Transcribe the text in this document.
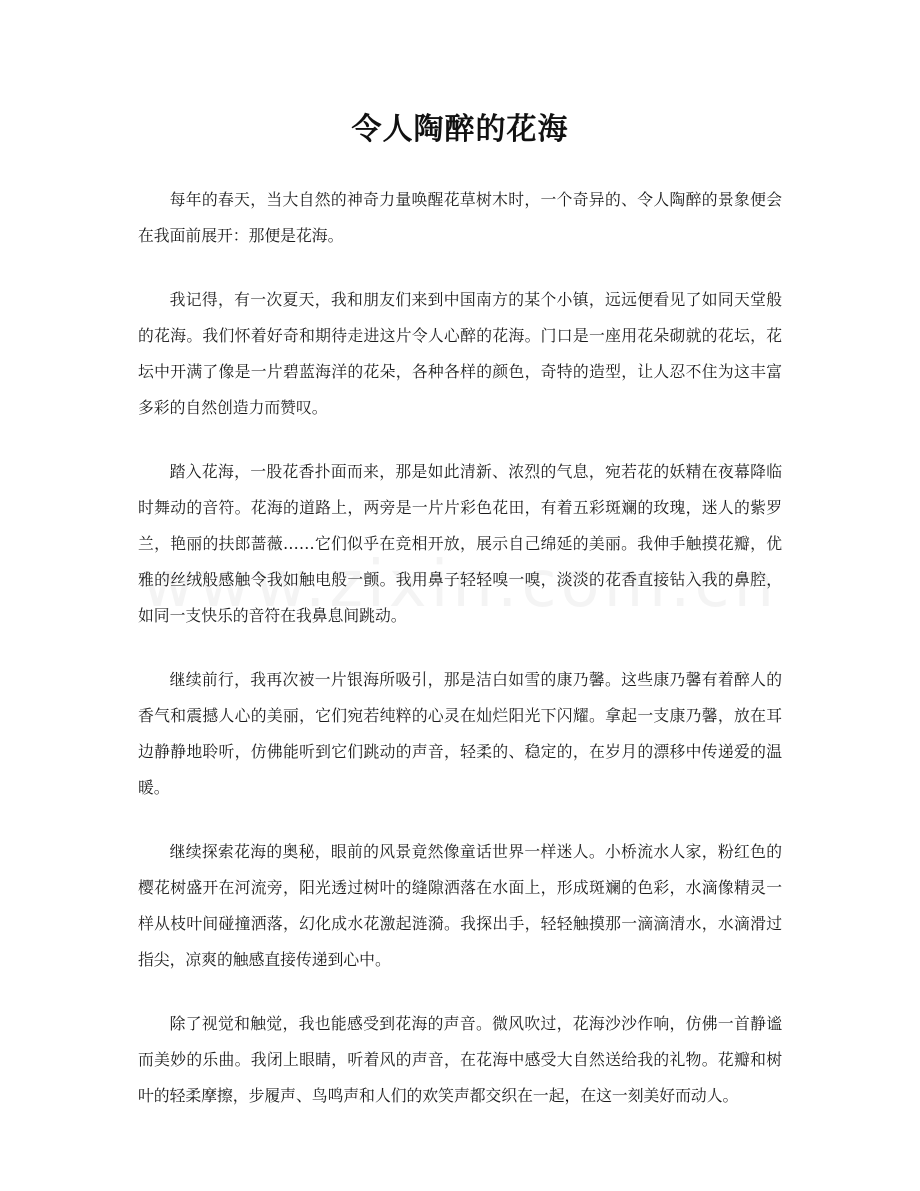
令人陶醉的花海

每年的春天，当大自然的神奇力量唤醒花草树木时，一个奇异的、令人陶醉的景象便会在我面前展开：那便是花海。

我记得，有一次夏天，我和朋友们来到中国南方的某个小镇，远远便看见了如同天堂般的花海。我们怀着好奇和期待走进这片令人心醉的花海。门口是一座用花朵砌就的花坛，花坛中开满了像是一片碧蓝海洋的花朵，各种各样的颜色，奇特的造型，让人忍不住为这丰富多彩的自然创造力而赞叹。

踏入花海，一股花香扑面而来，那是如此清新、浓烈的气息，宛若花的妖精在夜幕降临时舞动的音符。花海的道路上，两旁是一片片彩色花田，有着五彩斑斓的玫瑰，迷人的紫罗兰，艳丽的扶郎蔷薇……它们似乎在竞相开放，展示自己绵延的美丽。我伸手触摸花瓣，优雅的丝绒般感触令我如触电般一颤。我用鼻子轻轻嗅一嗅，淡淡的花香直接钻入我的鼻腔，如同一支快乐的音符在我鼻息间跳动。

继续前行，我再次被一片银海所吸引，那是洁白如雪的康乃馨。这些康乃馨有着醉人的香气和震撼人心的美丽，它们宛若纯粹的心灵在灿烂阳光下闪耀。拿起一支康乃馨，放在耳边静静地聆听，仿佛能听到它们跳动的声音，轻柔的、稳定的，在岁月的漂移中传递爱的温暖。

继续探索花海的奥秘，眼前的风景竟然像童话世界一样迷人。小桥流水人家，粉红色的樱花树盛开在河流旁，阳光透过树叶的缝隙洒落在水面上，形成斑斓的色彩，水滴像精灵一样从枝叶间碰撞洒落，幻化成水花激起涟漪。我探出手，轻轻触摸那一滴滴清水，水滴滑过指尖，凉爽的触感直接传递到心中。

除了视觉和触觉，我也能感受到花海的声音。微风吹过，花海沙沙作响，仿佛一首静谧而美妙的乐曲。我闭上眼睛，听着风的声音，在花海中感受大自然送给我的礼物。花瓣和树叶的轻柔摩擦，步履声、鸟鸣声和人们的欢笑声都交织在一起，在这一刻美好而动人。
